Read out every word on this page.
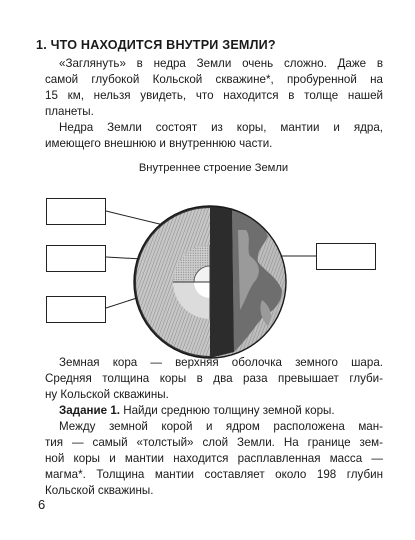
1. ЧТО НАХОДИТСЯ ВНУТРИ ЗЕМЛИ?
«Заглянуть» в недра Земли очень сложно. Даже в
самой глубокой Кольской скважине*, пробуренной на
15 км, нельзя увидеть, что находится в толще нашей
планеты.
Недра Земли состоят из коры, мантии и ядра,
имеющего внешнюю и внутреннюю части.
Внутреннее строение Земли
Земная кора — верхняя оболочка земного шара.
Средняя толщина коры в два раза превышает глуби-
ну Кольской скважины.
Задание 1. Найди среднюю толщину земной коры.
Между земной корой и ядром расположена ман-
тия — самый «толстый» слой Земли. На границе зем-
ной коры и мантии находится расплавленная масса —
магма*. Толщина мантии составляет около 198 глубин
Кольской скважины.
6
